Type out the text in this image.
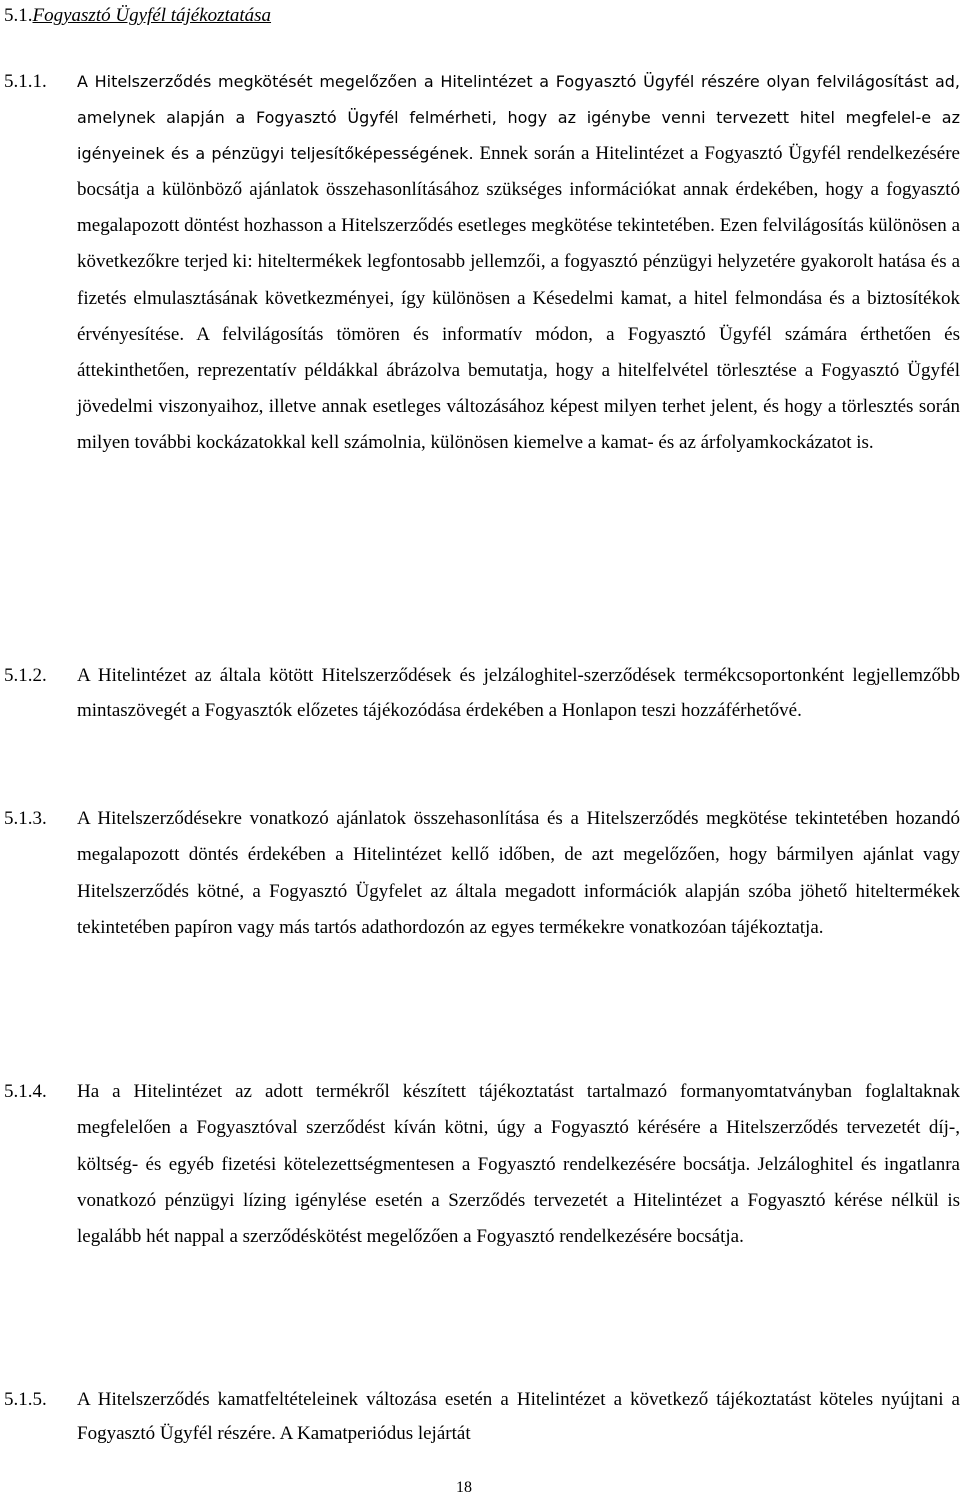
5.1.Fogyasztó Ügyfél tájékoztatása
5.1.1. A Hitelszerződés megkötését megelőzően a Hitelintézet a Fogyasztó Ügyfél részére olyan felvilágosítást ad, amelynek alapján a Fogyasztó Ügyfél felmérheti, hogy az igénybe venni tervezett hitel megfelel-e az igényeinek és a pénzügyi teljesítőképességének. Ennek során a Hitelintézet a Fogyasztó Ügyfél rendelkezésére bocsátja a különböző ajánlatok összehasonlításához szükséges információkat annak érdekében, hogy a fogyasztó megalapozott döntést hozhasson a Hitelszerződés esetleges megkötése tekintetében. Ezen felvilágosítás különösen a következőkre terjed ki: hiteltermékek legfontosabb jellemzői, a fogyasztó pénzügyi helyzetére gyakorolt hatása és a fizetés elmulasztásának következményei, így különösen a Késedelmi kamat, a hitel felmondása és a biztosítékok érvényesítése. A felvilágosítás tömören és informatív módon, a Fogyasztó Ügyfél számára érthetően és áttekinthetően, reprezentatív példákkal ábrázolva bemutatja, hogy a hitelfelvétel törlesztése a Fogyasztó Ügyfél jövedelmi viszonyaihoz, illetve annak esetleges változásához képest milyen terhet jelent, és hogy a törlesztés során milyen további kockázatokkal kell számolnia, különösen kiemelve a kamat- és az árfolyamkockázatot is.
5.1.2. A Hitelintézet az általa kötött Hitelszerződések és jelzáloghitel-szerződések termékcsoportonként legjellemzőbb mintaszövegét a Fogyasztók előzetes tájékozódása érdekében a Honlapon teszi hozzáférhetővé.
5.1.3. A Hitelszerződésekre vonatkozó ajánlatok összehasonlítása és a Hitelszerződés megkötése tekintetében hozandó megalapozott döntés érdekében a Hitelintézet kellő időben, de azt megelőzően, hogy bármilyen ajánlat vagy Hitelszerződés kötné, a Fogyasztó Ügyfelet az általa megadott információk alapján szóba jöhető hiteltermékek tekintetében papíron vagy más tartós adathordozón az egyes termékekre vonatkozóan tájékoztatja.
5.1.4. Ha a Hitelintézet az adott termékről készített tájékoztatást tartalmazó formanyomtatványban foglaltaknak megfelelően a Fogyasztóval szerződést kíván kötni, úgy a Fogyasztó kérésére a Hitelszerződés tervezetét díj-, költség- és egyéb fizetési kötelezettségmentesen a Fogyasztó rendelkezésére bocsátja. Jelzáloghitel és ingatlanra vonatkozó pénzügyi lízing igénylése esetén a Szerződés tervezetét a Hitelintézet a Fogyasztó kérése nélkül is legalább hét nappal a szerződéskötést megelőzően a Fogyasztó rendelkezésére bocsátja.
5.1.5. A Hitelszerződés kamatfeltételeinek változása esetén a Hitelintézet a következő tájékoztatást köteles nyújtani a Fogyasztó Ügyfél részére. A Kamatperiódus lejártát
18
